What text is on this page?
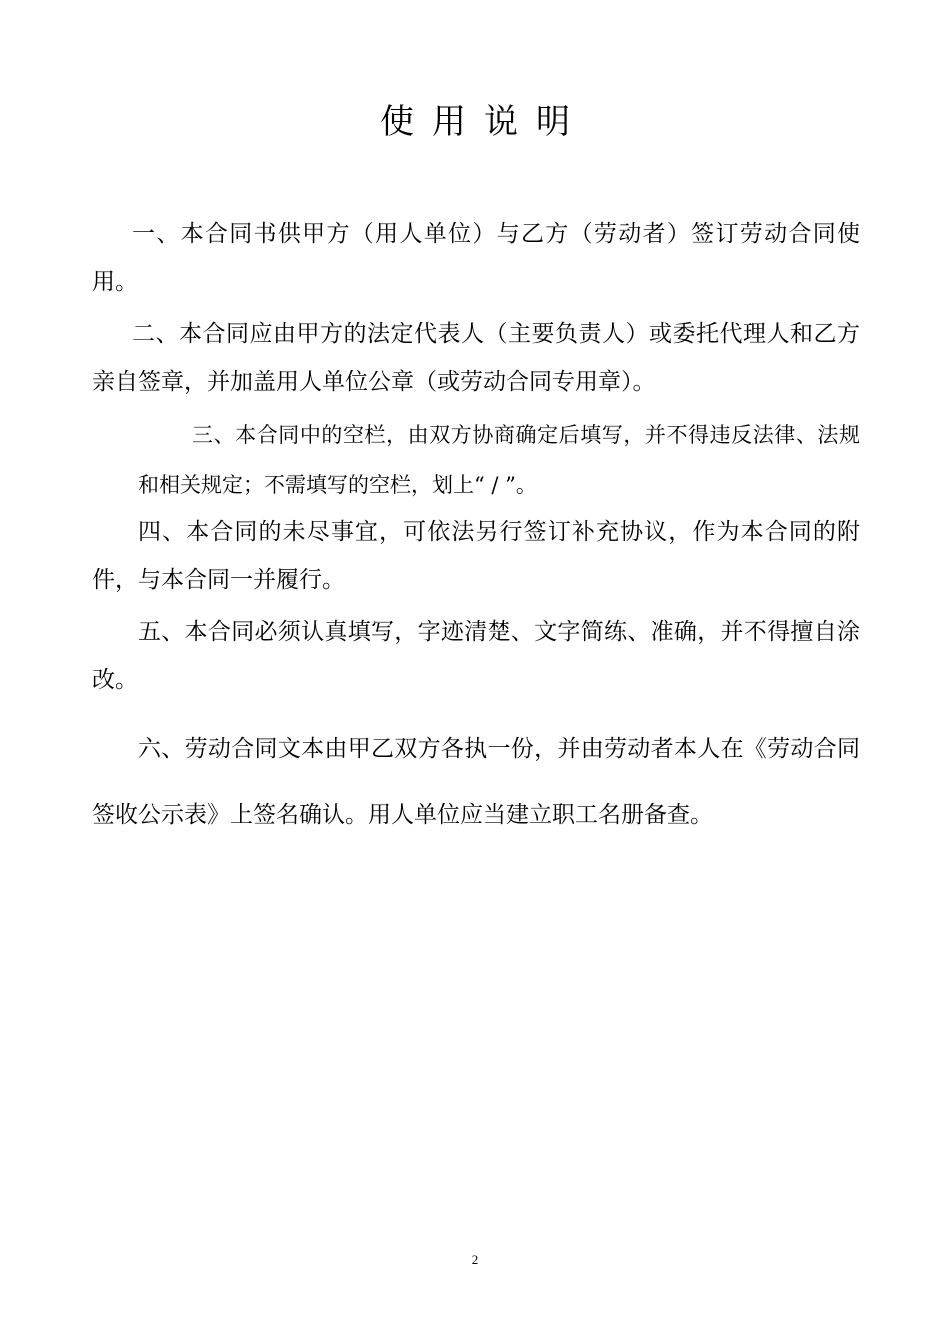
使用说明

一、本合同书供甲方（用人单位）与乙方（劳动者）签订劳动合同使用。

二、本合同应由甲方的法定代表人（主要负责人）或委托代理人和乙方亲自签章，并加盖用人单位公章（或劳动合同专用章）。

三、本合同中的空栏，由双方协商确定后填写，并不得违反法律、法规和相关规定；不需填写的空栏，划上“ / ”。

四、本合同的未尽事宜，可依法另行签订补充协议，作为本合同的附件，与本合同一并履行。

五、本合同必须认真填写，字迹清楚、文字简练、准确，并不得擅自涂改。

六、劳动合同文本由甲乙双方各执一份，并由劳动者本人在《劳动合同签收公示表》上签名确认。用人单位应当建立职工名册备查。

2
